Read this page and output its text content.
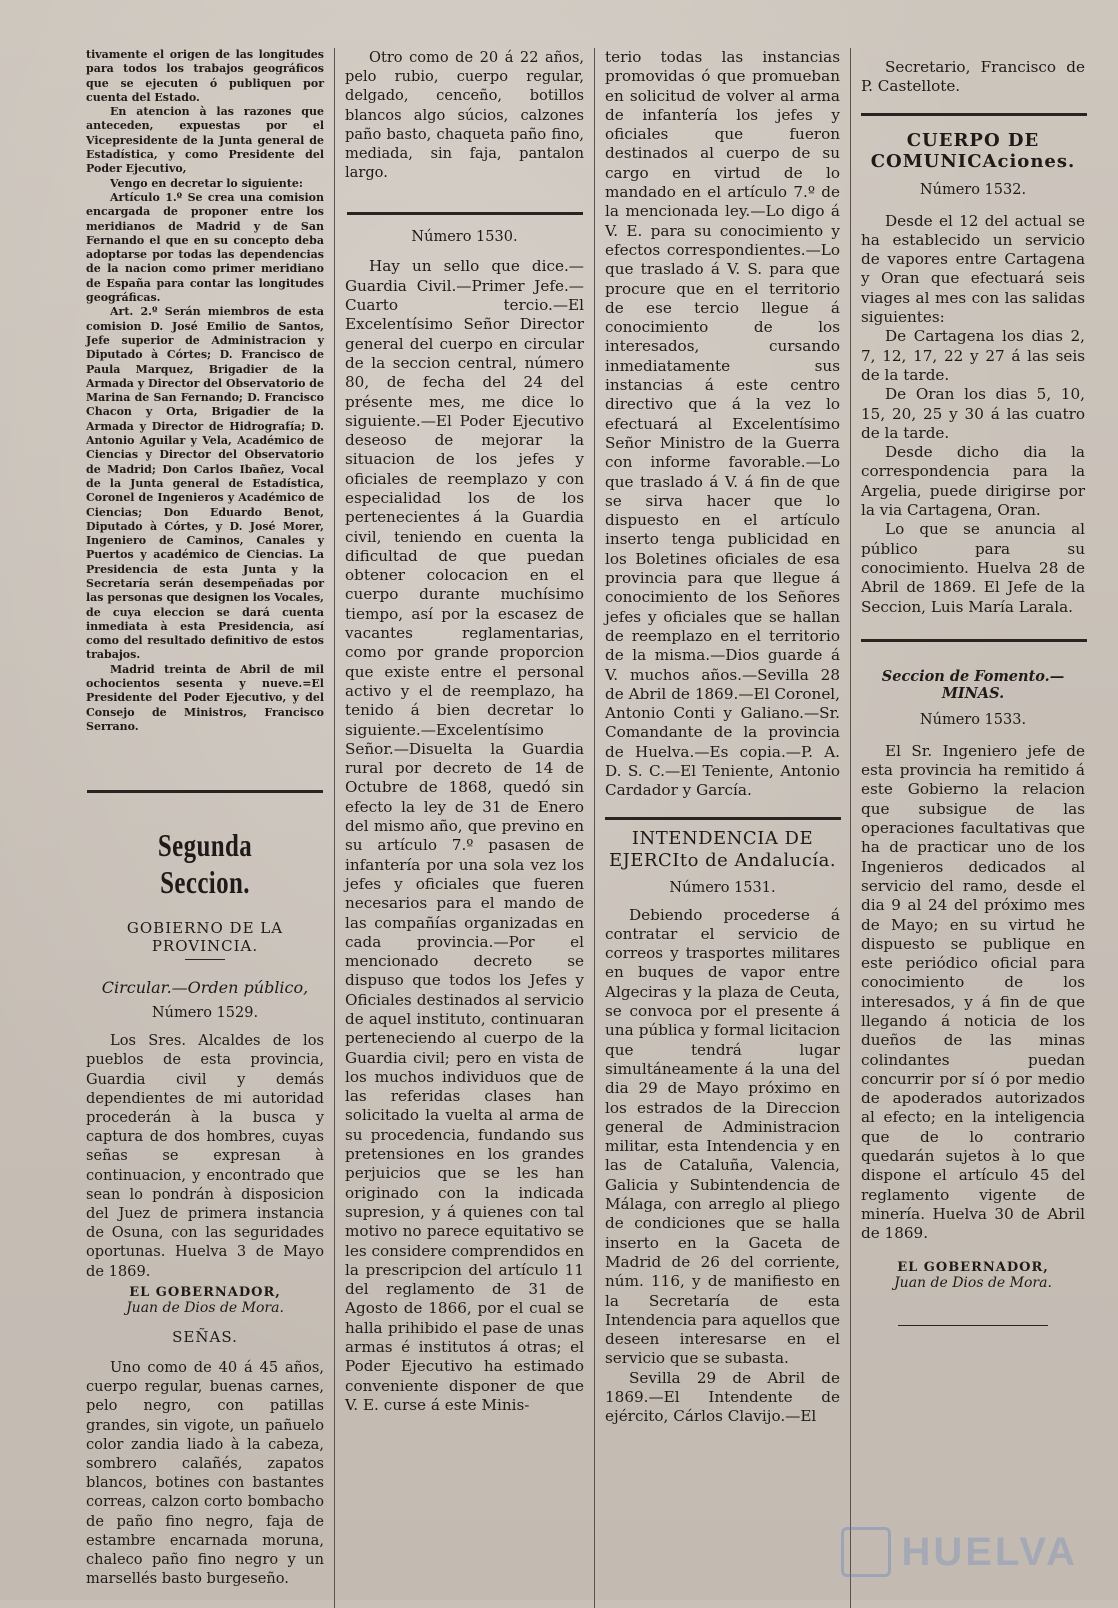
tivamente el origen de las longitudes para todos los trabajos geográficos que se ejecuten ó publiquen por cuenta del Estado.

En atencion à las razones que anteceden, expuestas por el Vicepresidente de la Junta general de Estadística, y como Presidente del Poder Ejecutivo,

Vengo en decretar lo siguiente:

Artículo 1.º Se crea una comision encargada de proponer entre los meridianos de Madrid y de San Fernando el que en su concepto deba adoptarse por todas las dependencias de la nacion como primer meridiano de España para contar las longitudes geográficas.

Art. 2.º Serán miembros de esta comision D. José Emilio de Santos, Jefe superior de Administracion y Diputado à Córtes; D. Francisco de Paula Marquez, Brigadier de la Armada y Director del Observatorio de Marina de San Fernando; D. Francisco Chacon y Orta, Brigadier de la Armada y Director de Hidrografía; D. Antonio Aguilar y Vela, Académico de Ciencias y Director del Observatorio de Madrid; Don Carlos Ibañez, Vocal de la Junta general de Estadística, Coronel de Ingenieros y Académico de Ciencias; Don Eduardo Benot, Diputado à Córtes, y D. José Morer, Ingeniero de Caminos, Canales y Puertos y académico de Ciencias. La Presidencia de esta Junta y la Secretaría serán desempeñadas por las personas que designen los Vocales, de cuya eleccion se dará cuenta inmediata à esta Presidencia, así como del resultado definitivo de estos trabajos.

Madrid treinta de Abril de mil ochocientos sesenta y nueve.=El Presidente del Poder Ejecutivo, y del Consejo de Ministros, Francisco Serrano.

Segunda Seccion.

GOBIERNO DE LA PROVINCIA.

Circular.—Orden público,

Número 1529.

Los Sres. Alcaldes de los pueblos de esta provincia, Guardia civil y demás dependientes de mi autoridad procederán à la busca y captura de dos hombres, cuyas señas se expresan à continuacion, y encontrado que sean lo pondrán à disposicion del Juez de primera instancia de Osuna, con las seguridades oportunas. Huelva 3 de Mayo de 1869.

EL GOBERNADOR,

Juan de Dios de Mora.

SEÑAS.

Uno como de 40 á 45 años, cuerpo regular, buenas carnes, pelo negro, con patillas grandes, sin vigote, un pañuelo color zandia liado à la cabeza, sombrero calañés, zapatos blancos, botines con bastantes correas, calzon corto bombacho de paño fino negro, faja de estambre encarnada moruna, chaleco paño fino negro y un marsellés basto burgeseño.

Otro como de 20 á 22 años, pelo rubio, cuerpo regular, delgado, cenceño, botillos blancos algo súcios, calzones paño basto, chaqueta paño fino, mediada, sin faja, pantalon largo.

Número 1530.

Hay un sello que dice.—Guardia Civil.—Primer Jefe.—Cuarto tercio.—El Excelentísimo Señor Director general del cuerpo en circular de la seccion central, número 80, de fecha del 24 del présente mes, me dice lo siguiente.—El Poder Ejecutivo deseoso de mejorar la situacion de los jefes y oficiales de reemplazo y con especialidad los de los pertenecientes á la Guardia civil, teniendo en cuenta la dificultad de que puedan obtener colocacion en el cuerpo durante muchísimo tiempo, así por la escasez de vacantes reglamentarias, como por grande proporcion que existe entre el personal activo y el de reemplazo, ha tenido á bien decretar lo siguiente.—Excelentísimo Señor.—Disuelta la Guardia rural por decreto de 14 de Octubre de 1868, quedó sin efecto la ley de 31 de Enero del mismo año, que previno en su artículo 7.º pasasen de infantería por una sola vez los jefes y oficiales que fueren necesarios para el mando de las compañías organizadas en cada provincia.—Por el mencionado decreto se dispuso que todos los Jefes y Oficiales destinados al servicio de aquel instituto, continuaran perteneciendo al cuerpo de la Guardia civil; pero en vista de los muchos individuos que de las referidas clases han solicitado la vuelta al arma de su procedencia, fundando sus pretensiones en los grandes perjuicios que se les han originado con la indicada supresion, y á quienes con tal motivo no parece equitativo se les considere comprendidos en la prescripcion del artículo 11 del reglamento de 31 de Agosto de 1866, por el cual se halla prihibido el pase de unas armas é institutos á otras; el Poder Ejecutivo ha estimado conveniente disponer de que V. E. curse á este Minis-

terio todas las instancias promovidas ó que promueban en solicitud de volver al arma de infantería los jefes y oficiales que fueron destinados al cuerpo de su cargo en virtud de lo mandado en el artículo 7.º de la mencionada ley.—Lo digo á V. E. para su conocimiento y efectos correspondientes.—Lo que traslado á V. S. para que procure que en el territorio de ese tercio llegue á conocimiento de los interesados, cursando inmediatamente sus instancias á este centro directivo que á la vez lo efectuará al Excelentísimo Señor Ministro de la Guerra con informe favorable.—Lo que traslado á V. á fin de que se sirva hacer que lo dispuesto en el artículo inserto tenga publicidad en los Boletines oficiales de esa provincia para que llegue á conocimiento de los Señores jefes y oficiales que se hallan de reemplazo en el territorio de la misma.—Dios guarde á V. muchos años.—Sevilla 28 de Abril de 1869.—El Coronel, Antonio Conti y Galiano.—Sr. Comandante de la provincia de Huelva.—Es copia.—P. A. D. S. C.—El Teniente, Antonio Cardador y García.

INTENDENCIA DE EJERCIto de Andalucía.

Número 1531.

Debiendo procederse á contratar el servicio de correos y trasportes militares en buques de vapor entre Algeciras y la plaza de Ceuta, se convoca por el presente á una pública y formal licitacion que tendrá lugar simultáneamente á la una del dia 29 de Mayo próximo en los estrados de la Direccion general de Administracion militar, esta Intendencia y en las de Cataluña, Valencia, Galicia y Subintendencia de Málaga, con arreglo al pliego de condiciones que se halla inserto en la Gaceta de Madrid de 26 del corriente, núm. 116, y de manifiesto en la Secretaría de esta Intendencia para aquellos que deseen interesarse en el servicio que se subasta.

Sevilla 29 de Abril de 1869.—El Intendente de ejército, Cárlos Clavijo.—El

Secretario, Francisco de P. Castellote.

CUERPO DE COMUNICAciones.

Número 1532.

Desde el 12 del actual se ha establecido un servicio de vapores entre Cartagena y Oran que efectuará seis viages al mes con las salidas siguientes:

De Cartagena los dias 2, 7, 12, 17, 22 y 27 á las seis de la tarde.

De Oran los dias 5, 10, 15, 20, 25 y 30 á las cuatro de la tarde.

Desde dicho dia la correspondencia para la Argelia, puede dirigirse por la via Cartagena, Oran.

Lo que se anuncia al público para su conocimiento. Huelva 28 de Abril de 1869. El Jefe de la Seccion, Luis María Larala.

Seccion de Fomento.— MINAS.

Número 1533.

El Sr. Ingeniero jefe de esta provincia ha remitido á este Gobierno la relacion que subsigue de las operaciones facultativas que ha de practicar uno de los Ingenieros dedicados al servicio del ramo, desde el dia 9 al 24 del próximo mes de Mayo; en su virtud he dispuesto se publique en este periódico oficial para conocimiento de los interesados, y á fin de que llegando á noticia de los dueños de las minas colindantes puedan concurrir por sí ó por medio de apoderados autorizados al efecto; en la inteligencia que de lo contrario quedarán sujetos à lo que dispone el artículo 45 del reglamento vigente de minería. Huelva 30 de Abril de 1869.

EL GOBERNADOR,

Juan de Dios de Mora.

HUELVA
